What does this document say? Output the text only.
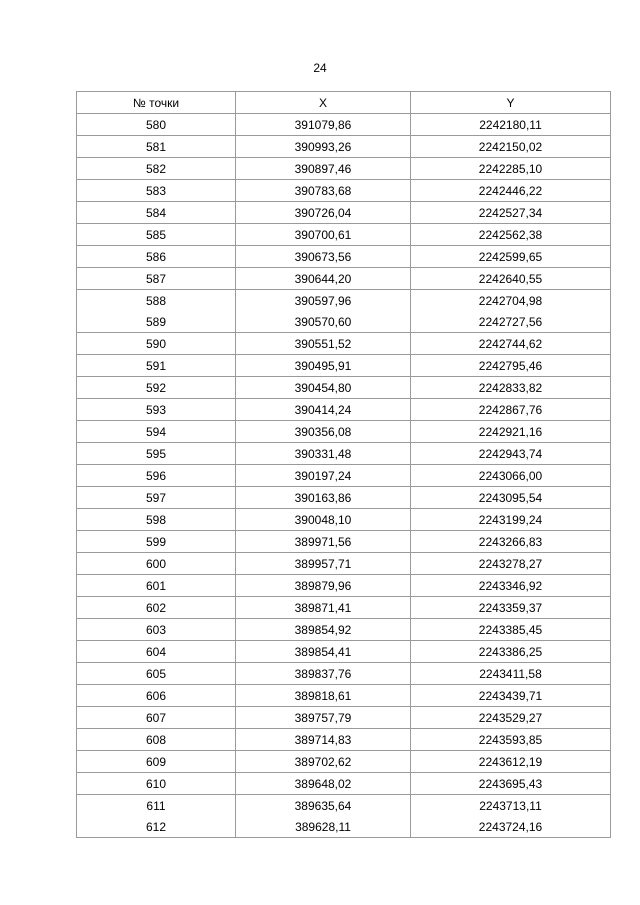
24
№ точки	X	Y
580	391079,86	2242180,11
581	390993,26	2242150,02
582	390897,46	2242285,10
583	390783,68	2242446,22
584	390726,04	2242527,34
585	390700,61	2242562,38
586	390673,56	2242599,65
587	390644,20	2242640,55
588	390597,96	2242704,98
589	390570,60	2242727,56
590	390551,52	2242744,62
591	390495,91	2242795,46
592	390454,80	2242833,82
593	390414,24	2242867,76
594	390356,08	2242921,16
595	390331,48	2242943,74
596	390197,24	2243066,00
597	390163,86	2243095,54
598	390048,10	2243199,24
599	389971,56	2243266,83
600	389957,71	2243278,27
601	389879,96	2243346,92
602	389871,41	2243359,37
603	389854,92	2243385,45
604	389854,41	2243386,25
605	389837,76	2243411,58
606	389818,61	2243439,71
607	389757,79	2243529,27
608	389714,83	2243593,85
609	389702,62	2243612,19
610	389648,02	2243695,43
611	389635,64	2243713,11
612	389628,11	2243724,16
